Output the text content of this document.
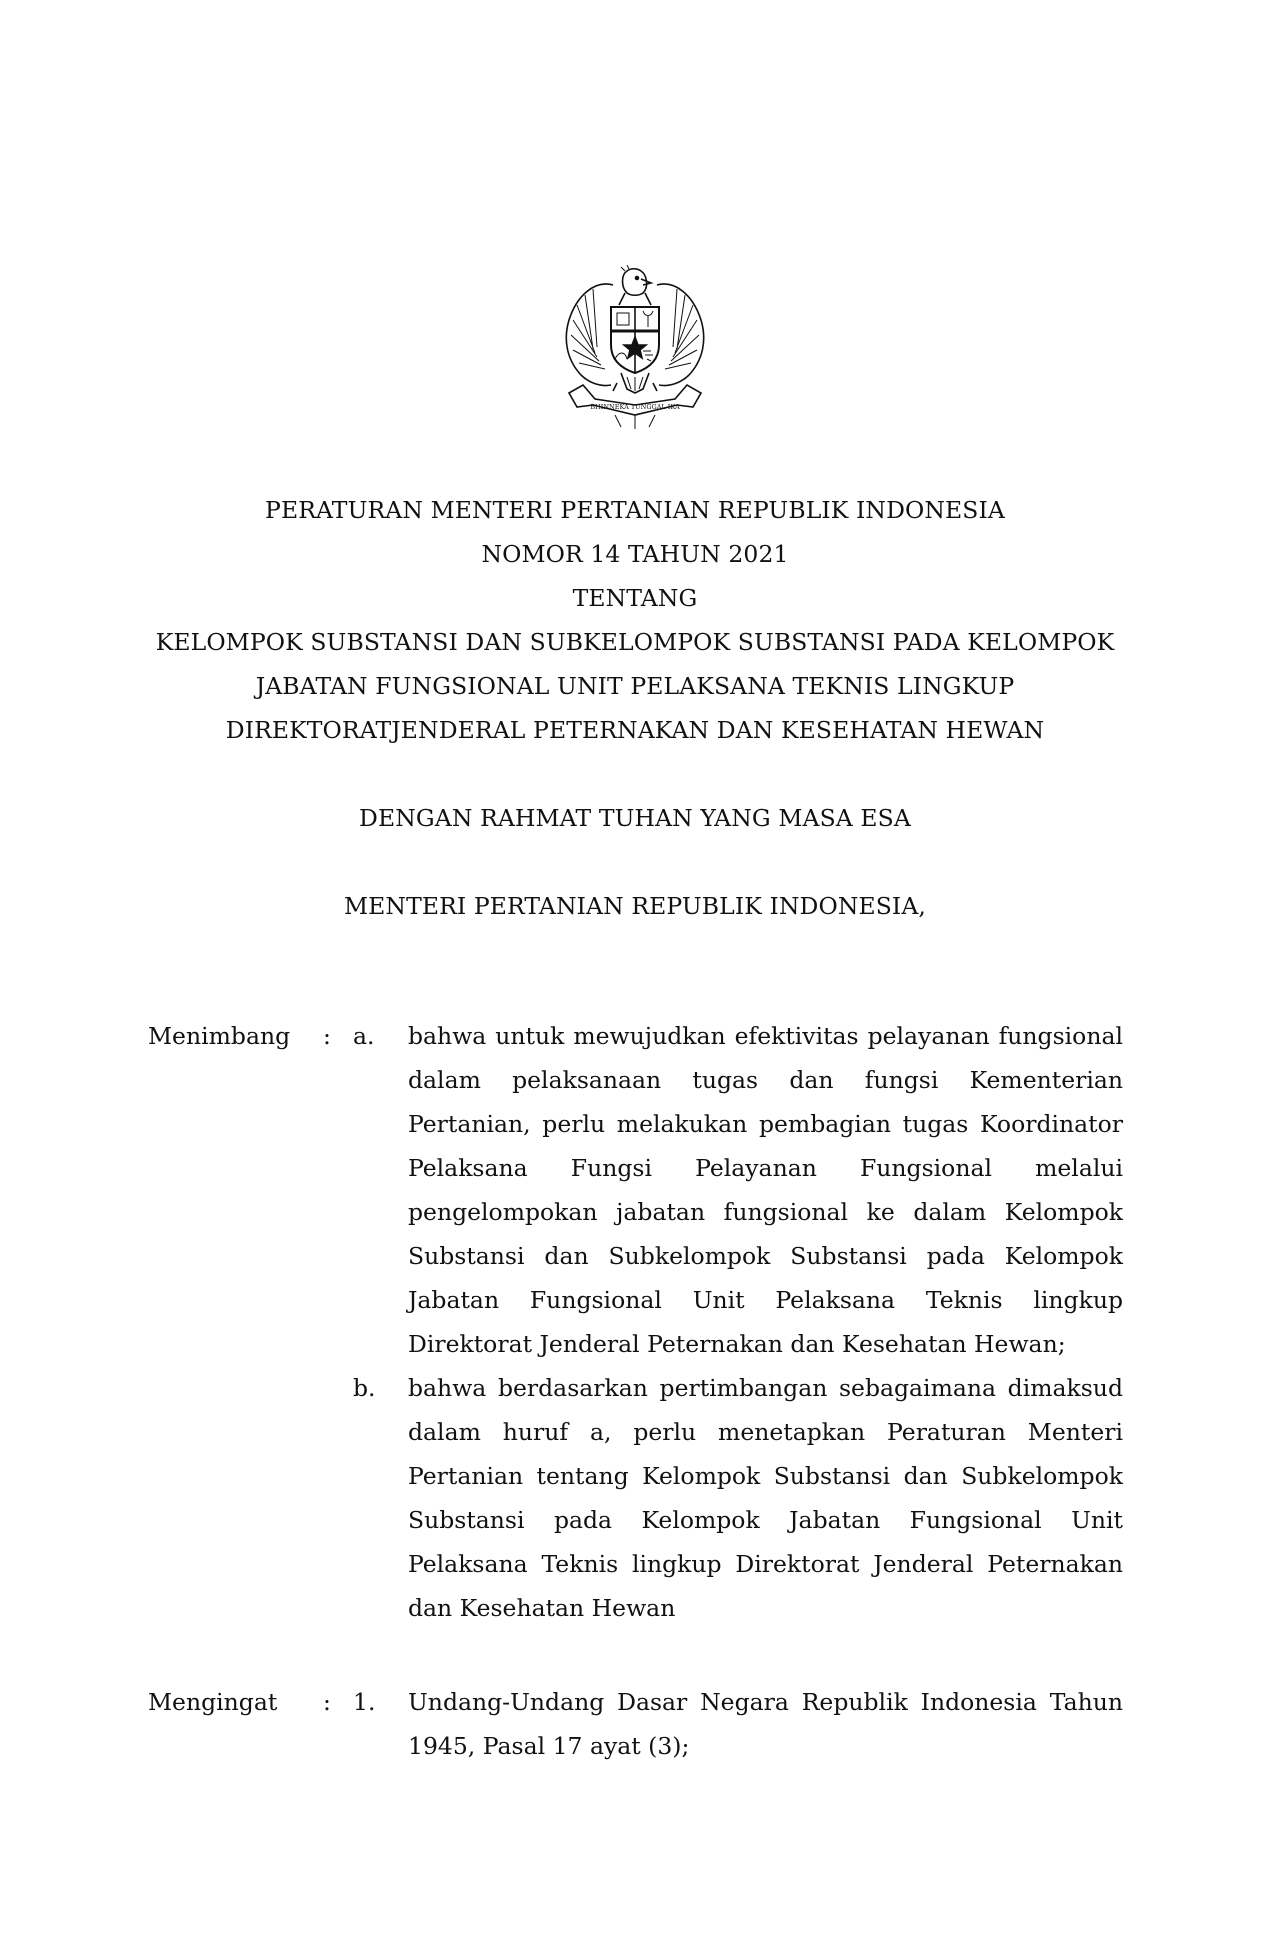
BHINNEKA TUNGGAL IKA
PERATURAN MENTERI PERTANIAN REPUBLIK INDONESIA
NOMOR 14 TAHUN 2021
TENTANG
KELOMPOK SUBSTANSI DAN SUBKELOMPOK SUBSTANSI PADA KELOMPOK
JABATAN FUNGSIONAL UNIT PELAKSANA TEKNIS LINGKUP
DIREKTORATJENDERAL PETERNAKAN DAN KESEHATAN HEWAN
DENGAN RAHMAT TUHAN YANG MASA ESA
MENTERI PERTANIAN REPUBLIK INDONESIA,
Menimbang	: a.	bahwa untuk mewujudkan efektivitas pelayanan fungsional dalam pelaksanaan tugas dan fungsi Kementerian Pertanian, perlu melakukan pembagian tugas Koordinator Pelaksana Fungsi Pelayanan Fungsional melalui pengelompokan jabatan fungsional ke dalam Kelompok Substansi dan Subkelompok Substansi pada Kelompok Jabatan Fungsional Unit Pelaksana Teknis lingkup Direktorat Jenderal Peternakan dan Kesehatan Hewan;
b.	bahwa berdasarkan pertimbangan sebagaimana dimaksud dalam huruf a, perlu menetapkan Peraturan Menteri Pertanian tentang Kelompok Substansi dan Subkelompok Substansi pada Kelompok Jabatan Fungsional Unit Pelaksana Teknis lingkup Direktorat Jenderal Peternakan dan Kesehatan Hewan
Mengingat	: 1.	Undang-Undang Dasar Negara Republik Indonesia Tahun 1945, Pasal 17 ayat (3);
